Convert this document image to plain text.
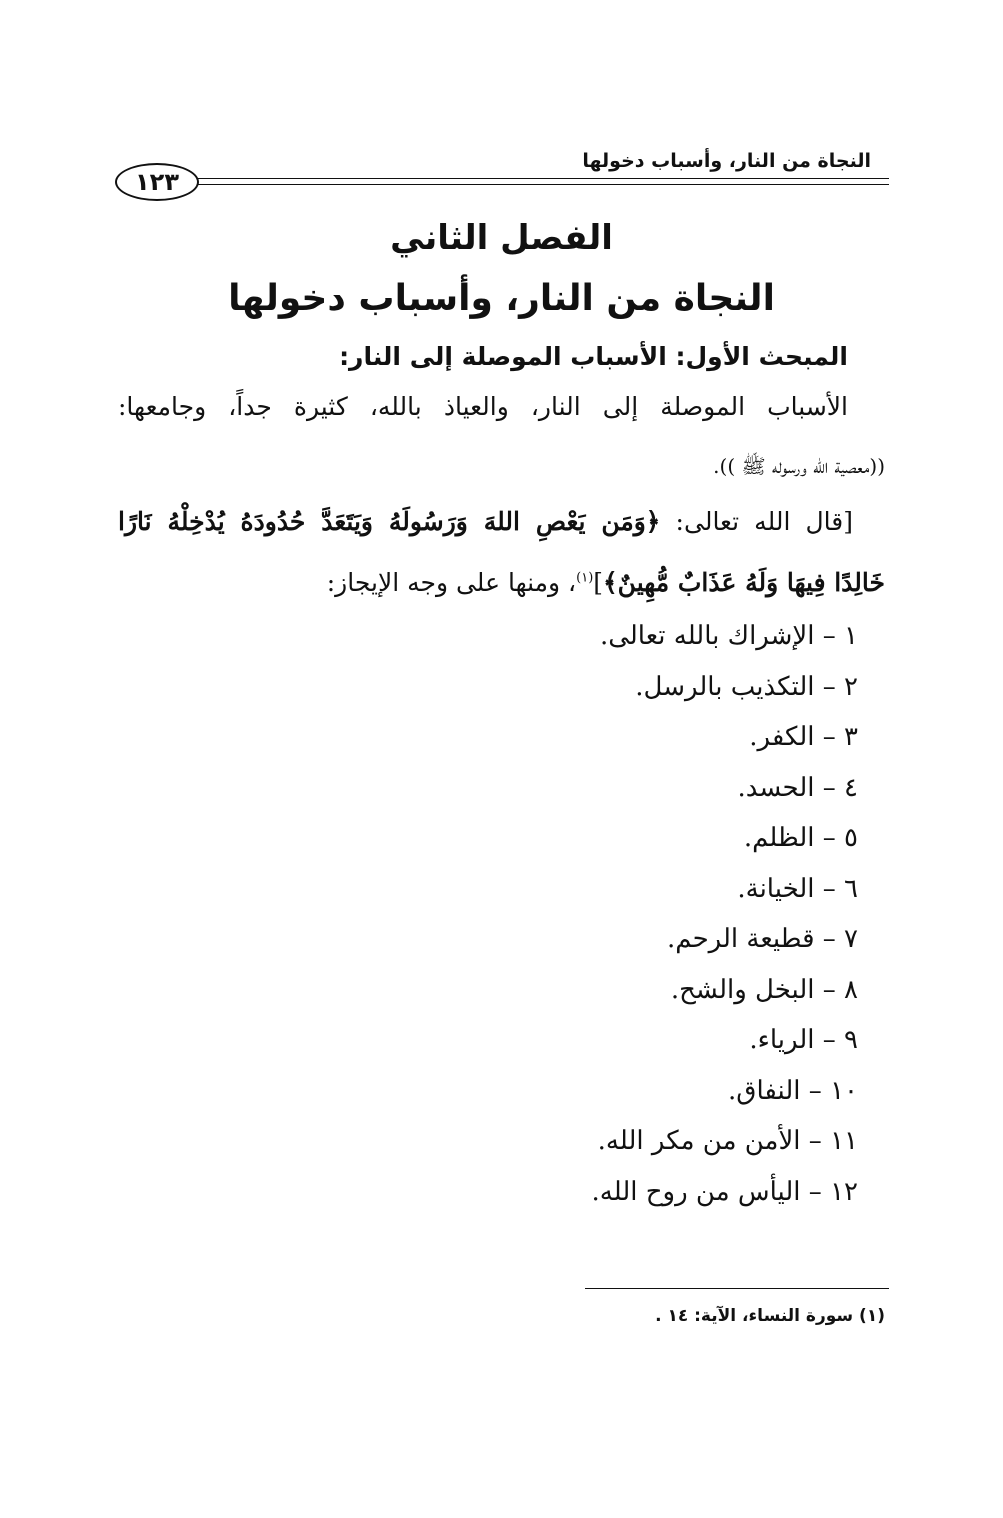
النجاة من النار، وأسباب دخولها
١٢٣
الفصل الثاني
النجاة من النار، وأسباب دخولها
المبحث الأول: الأسباب الموصلة إلى النار:
الأسباب الموصلة إلى النار، والعياذ بالله، كثيرة جداً، وجامعها:
((معصية الله ورسوله ﷺ )).
[قال الله تعالى: ﴿وَمَن يَعْصِ اللهَ وَرَسُولَهُ وَيَتَعَدَّ حُدُودَهُ يُدْخِلْهُ نَارًا
خَالِدًا فِيهَا وَلَهُ عَذَابٌ مُّهِينٌ﴾]$^{(١)}$، ومنها على وجه الإيجاز:
١ – الإشراك بالله تعالى.
٢ – التكذيب بالرسل.
٣ – الكفر.
٤ – الحسد.
٥ – الظلم.
٦ – الخيانة.
٧ – قطيعة الرحم.
٨ – البخل والشح.
٩ – الرياء.
١٠ – النفاق.
١١ – الأمن من مكر الله.
١٢ – اليأس من روح الله.
(١) سورة النساء، الآية: ١٤ .
